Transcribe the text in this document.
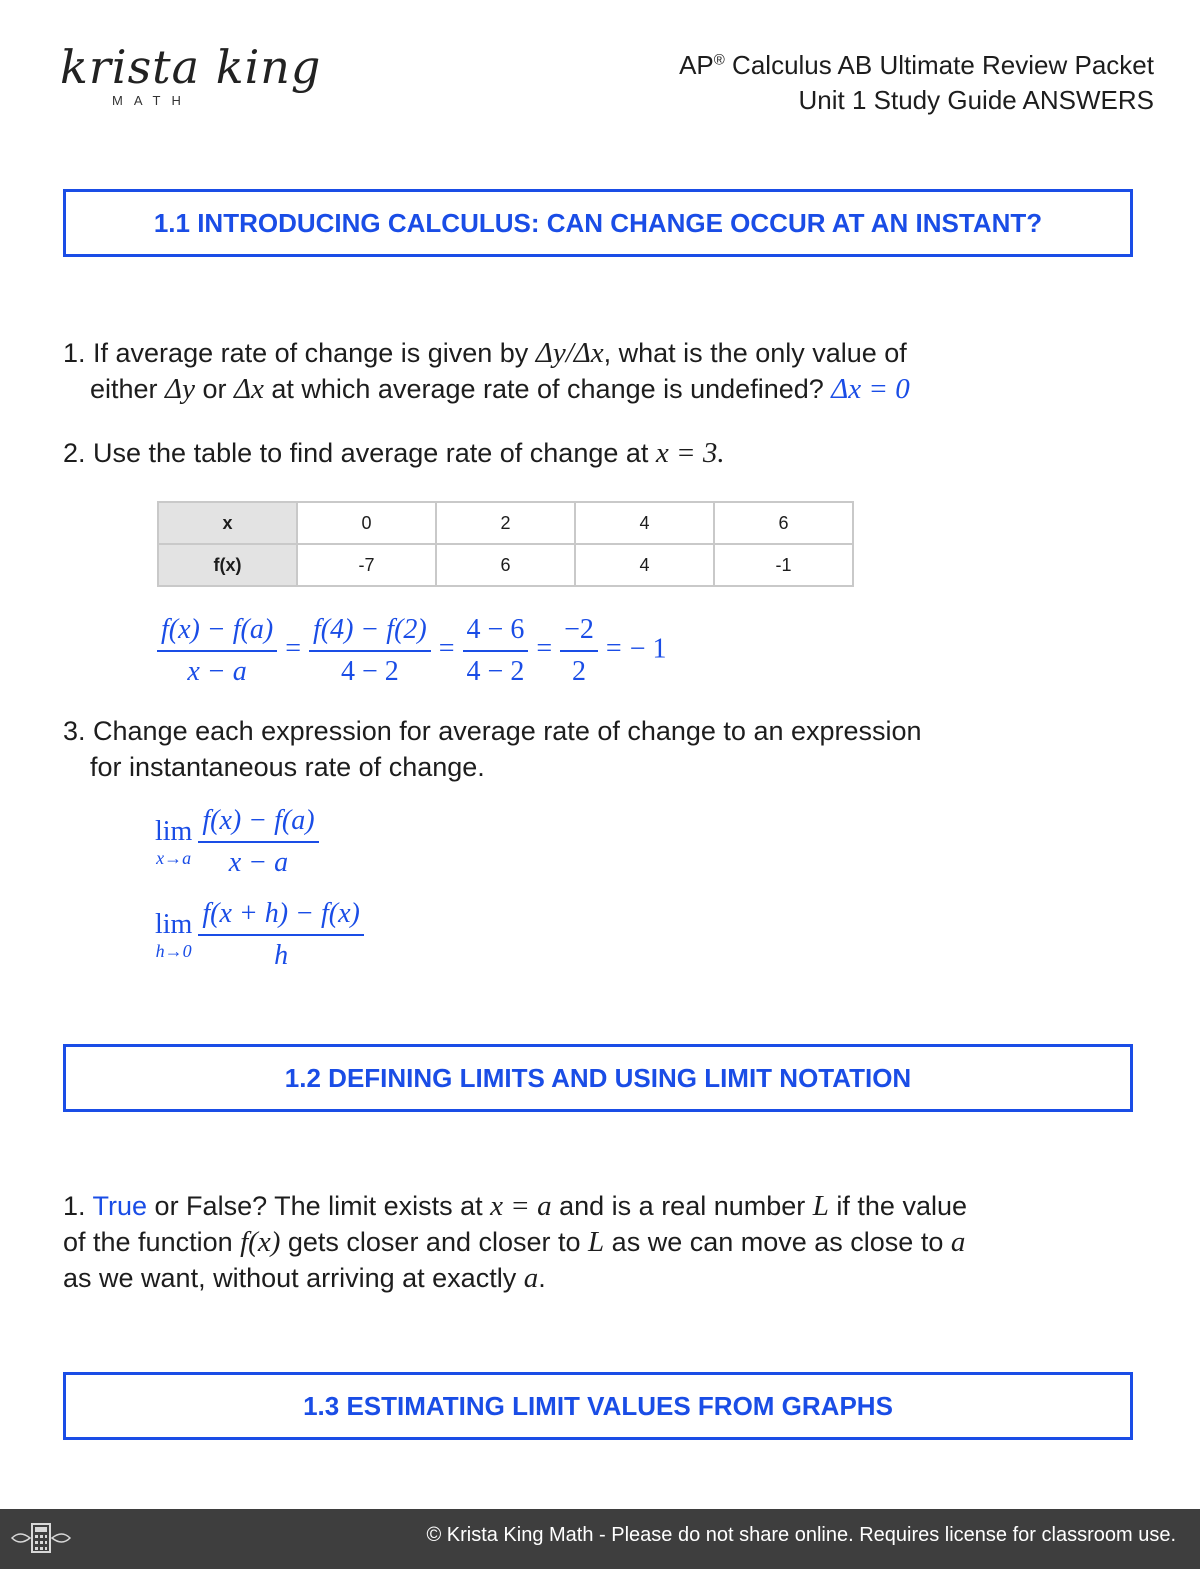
krista king
MATH
AP® Calculus AB Ultimate Review Packet
Unit 1 Study Guide ANSWERS
1.1 INTRODUCING CALCULUS: CAN CHANGE OCCUR AT AN INSTANT?
1. If average rate of change is given by Δy/Δx, what is the only value of
either Δy or Δx at which average rate of change is undefined? Δx = 0
2. Use the table to find average rate of change at x = 3.
x	0	2	4	6
f(x)	-7	6	4	-1
$\frac{f(x) - f(a)}{x - a} = \frac{f(4) - f(2)}{4 - 2} = \frac{4 - 6}{4 - 2} = \frac{-2}{2}$ = − 1
3. Change each expression for average rate of change to an expression
for instantaneous rate of change.
lim
$x\to a \frac{f(x) - f(a)}{x - a}$
lim
$h\to 0 \frac{f(x + h) - f(x)}{h}$
1.2 DEFINING LIMITS AND USING LIMIT NOTATION
1. True or False? The limit exists at x = a and is a real number L if the value
of the function f(x) gets closer and closer to L as we can move as close to a
as we want, without arriving at exactly a.
1.3 ESTIMATING LIMIT VALUES FROM GRAPHS
© Krista King Math - Please do not share online. Requires license for classroom use.
